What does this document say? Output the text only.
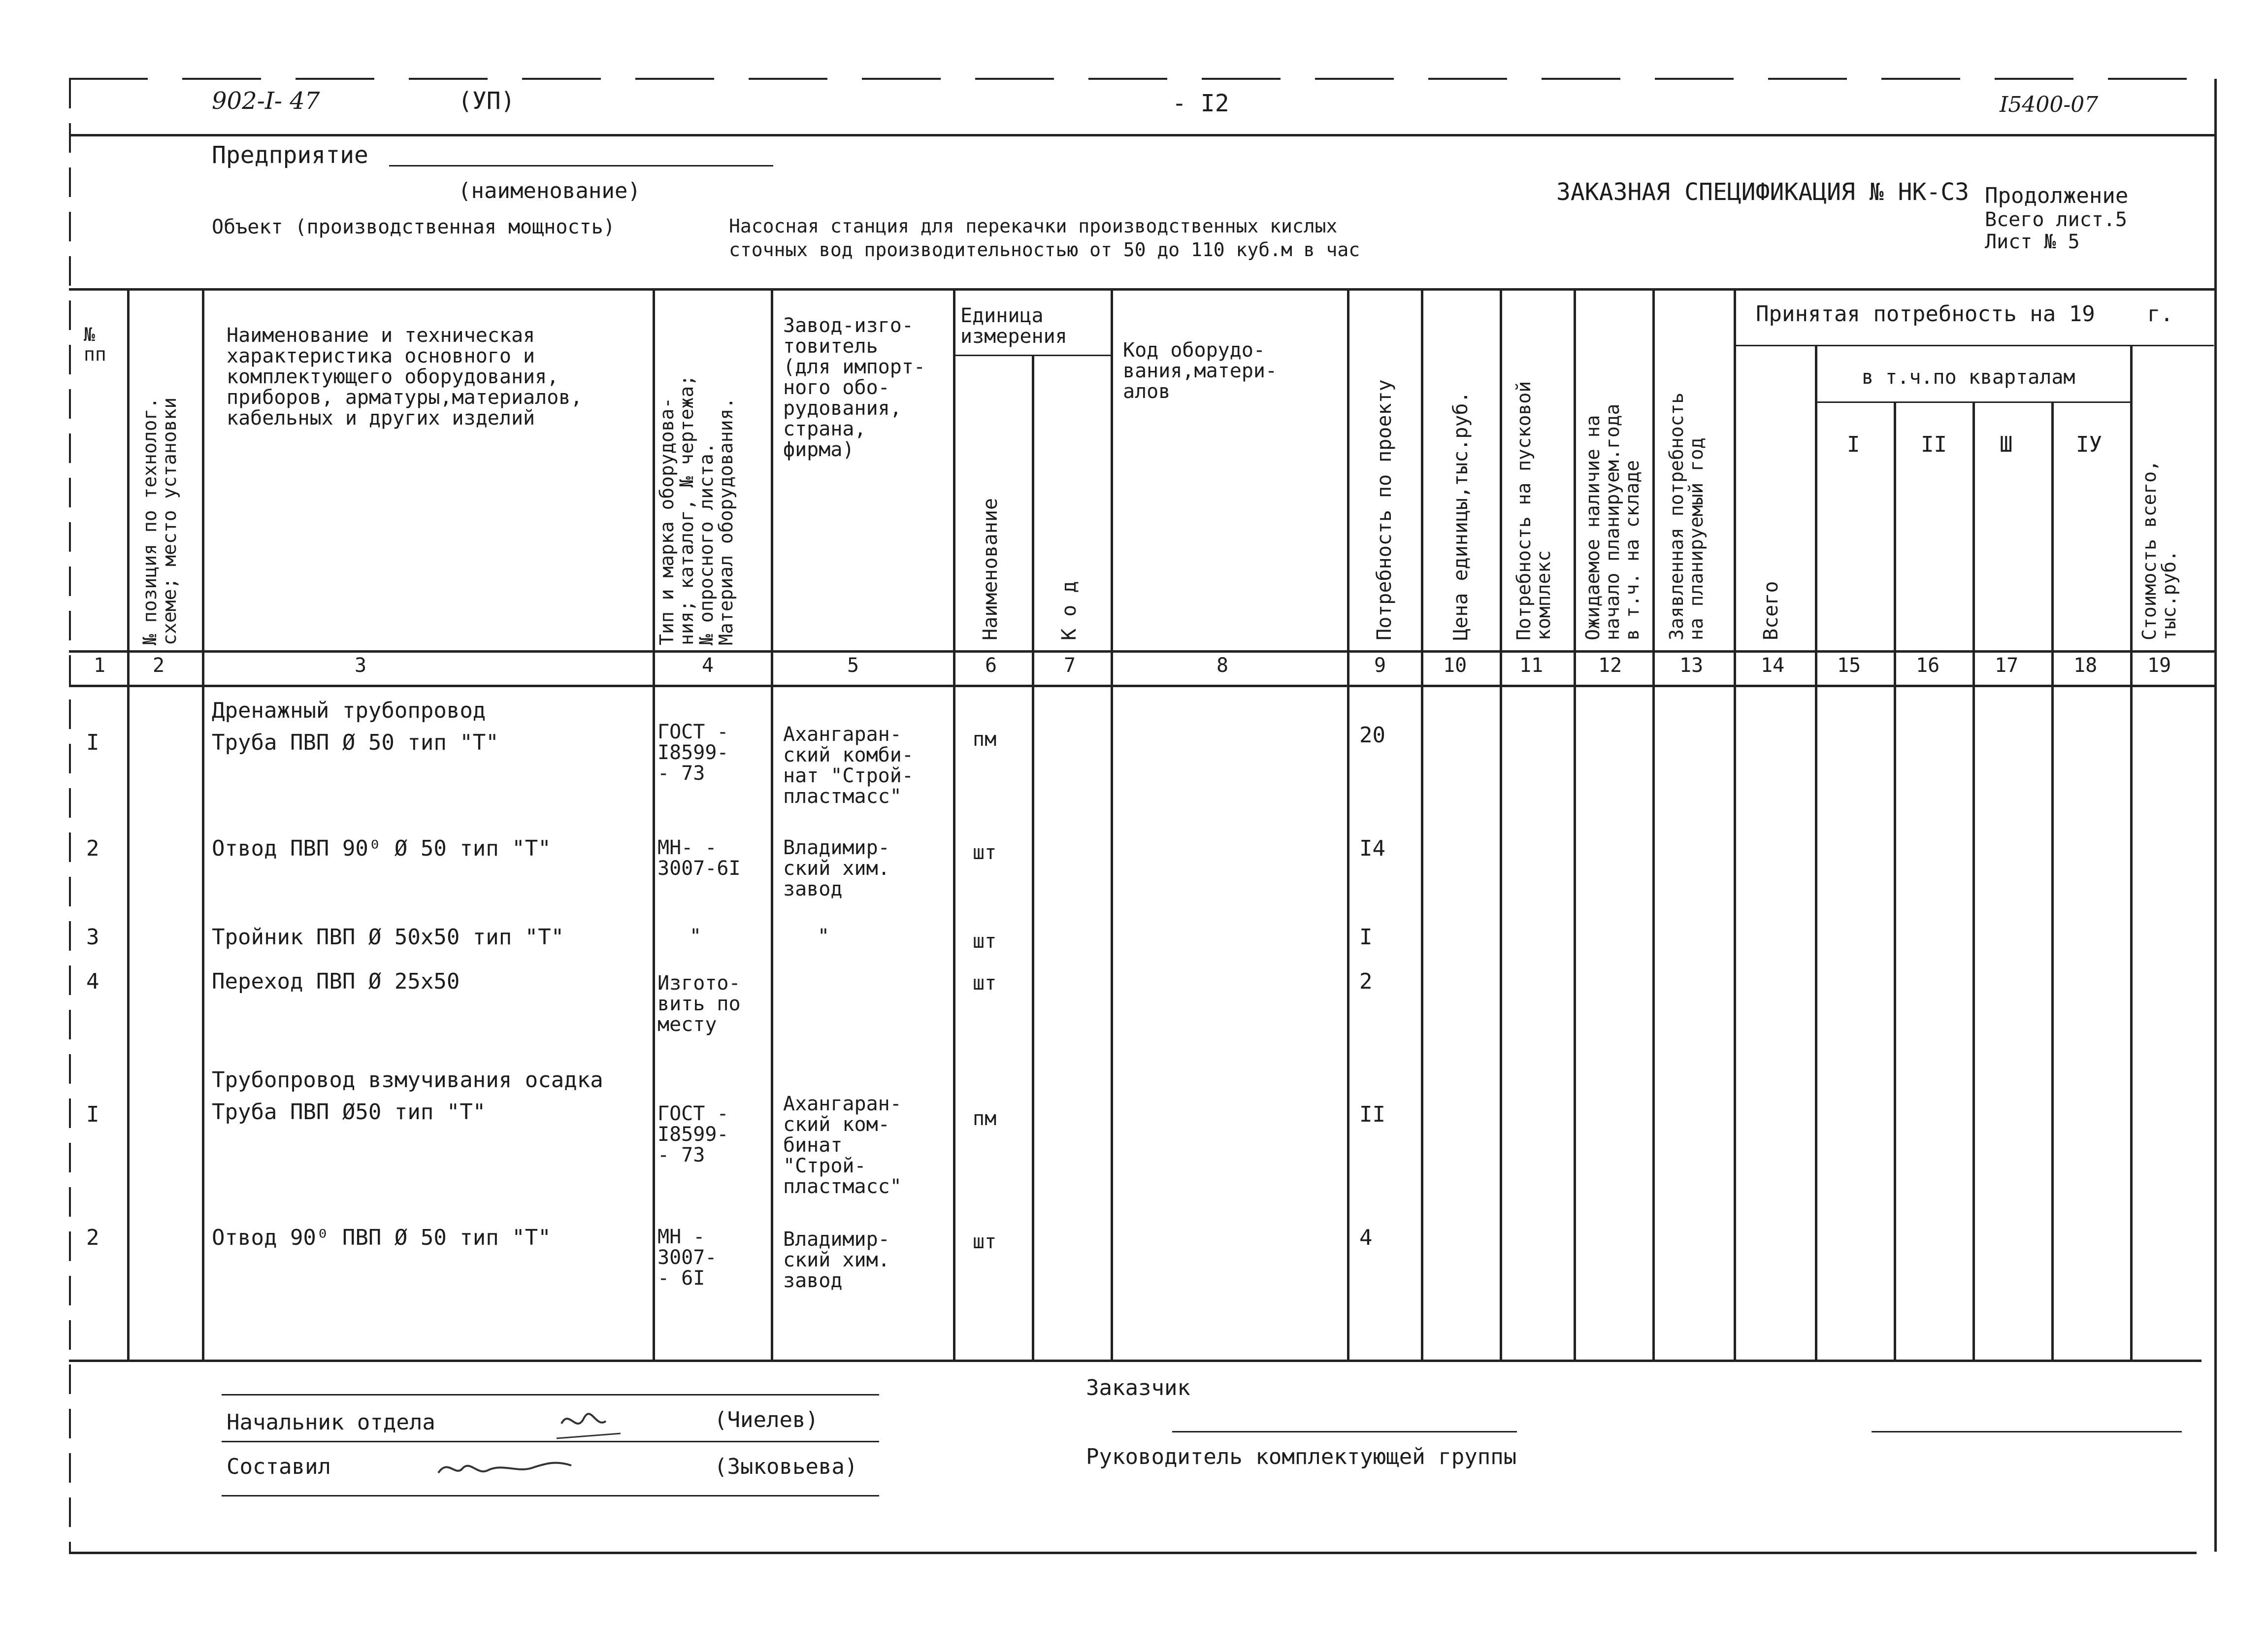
902-I- 47	(УП)	- I2	I5400-07
Предприятие
(наименование)
Объект (производственная мощность)	Насосная станция для перекачки производственных кислых
сточных вод производительностью от 50 до 110 куб.м в час
ЗАКАЗНАЯ СПЕЦИФИКАЦИЯ № НК-СЗ Продолжение
Всего лист.5
Лист № 5
№
пп
№ позиция по технолог.
схеме; место установки
Наименование и техническая
характеристика основного и
комплектующего оборудования,
приборов, арматуры,материалов,
кабельных и других изделий
Тип и марка оборудова-
ния; каталог, № чертежа;
№ опросного листа.
Материал оборудования.
Завод-изго-
товитель
(для импорт-
ного обо-
рудования,
страна,
фирма)
Единица
измерения
Наименование	К о д
Код оборудо-
вания,матери-
алов	Потребность по проекту	Цена единицы,тыс.руб. Потребность на пусковой
комплекс Ожидаемое наличие на
начало планируем.года
в т.ч. на складе
Заявленная потребность
на планируемый год
Принятая потребность на 19    г.
Всего
в т.ч.по кварталам
I	II Ш	IУ
Стоимость всего,
тыс.руб.
1 2	3	4	5	6	7	8	9	10	11	12	13	14	15	16	17	18	19
Дренажный трубопровод
I	Труба ПВП Ø 50 тип "Т"	ГОСТ -
I8599-
- 73
Ахангаран-
ский комби-
нат "Строй-
пластмасс"
пм	20
2	Отвод ПВП 90⁰ Ø 50 тип "Т"	МН- -
3007-6I
Владимир-
ский хим.
завод
шт	I4
3	Тройник ПВП Ø 50х50 тип "Т"	"	"	шт	I
4	Переход ПВП Ø 25х50	Изгото-
вить по
месту
шт	2
Трубопровод взмучивания осадка
I	Труба ПВП Ø50 тип "Т"	ГОСТ -
I8599-
- 73
Ахангаран-
ский ком-
бинат
"Строй-
пластмасс"
пм	II
2	Отвод 90⁰ ПВП Ø 50 тип "Т"	МН -
3007-
- 6I
Владимир-
ский хим.
завод
шт	4
Начальник отдела	(Чиелев)
Составил	(Зыковьева)
Заказчик
Руководитель комплектующей группы
